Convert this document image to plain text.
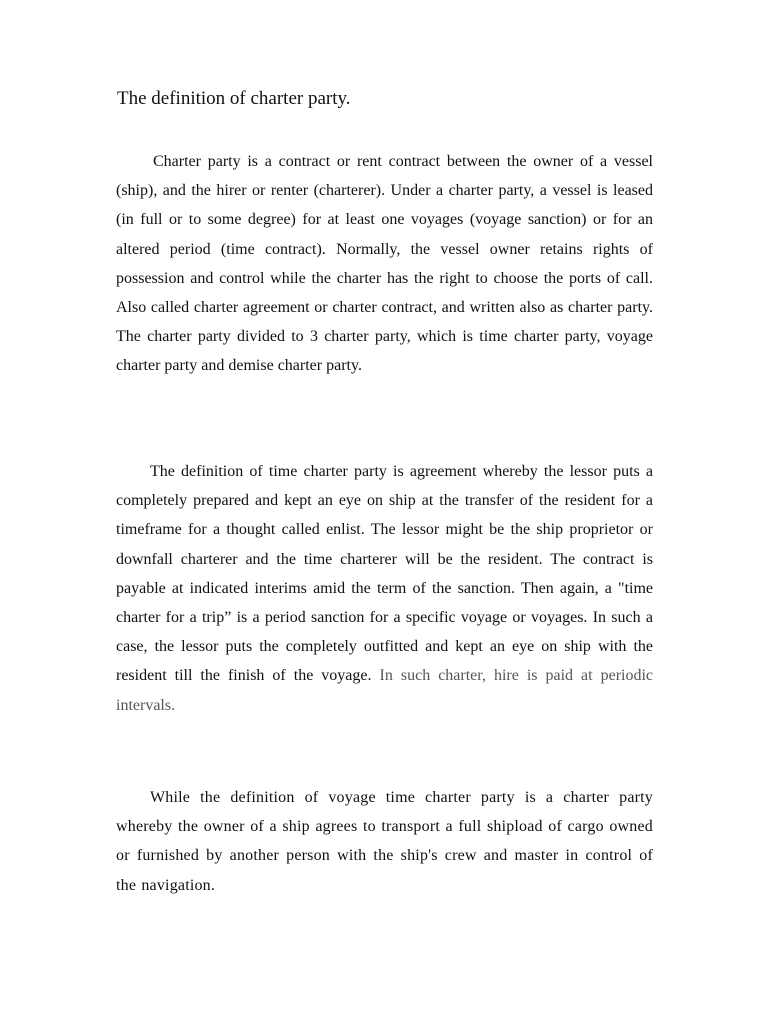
The definition of charter party.

Charter party is a contract or rent contract between the owner of a vessel (ship), and the hirer or renter (charterer). Under a charter party, a vessel is leased (in full or to some degree) for at least one voyages (voyage sanction) or for an altered period (time contract). Normally, the vessel owner retains rights of possession and control while the charter has the right to choose the ports of call. Also called charter agreement or charter contract, and written also as charter party. The charter party divided to 3 charter party, which is time charter party, voyage charter party and demise charter party.

The definition of time charter party is agreement whereby the lessor puts a completely prepared and kept an eye on ship at the transfer of the resident for a timeframe for a thought called enlist. The lessor might be the ship proprietor or downfall charterer and the time charterer will be the resident. The contract is payable at indicated interims amid the term of the sanction. Then again, a "time charter for a trip” is a period sanction for a specific voyage or voyages. In such a case, the lessor puts the completely outfitted and kept an eye on ship with the resident till the finish of the voyage. In such charter, hire is paid at periodic intervals.

While the definition of voyage time charter party is a charter party whereby the owner of a ship agrees to transport a full shipload of cargo owned or furnished by another person with the ship's crew and master in control of the navigation.
